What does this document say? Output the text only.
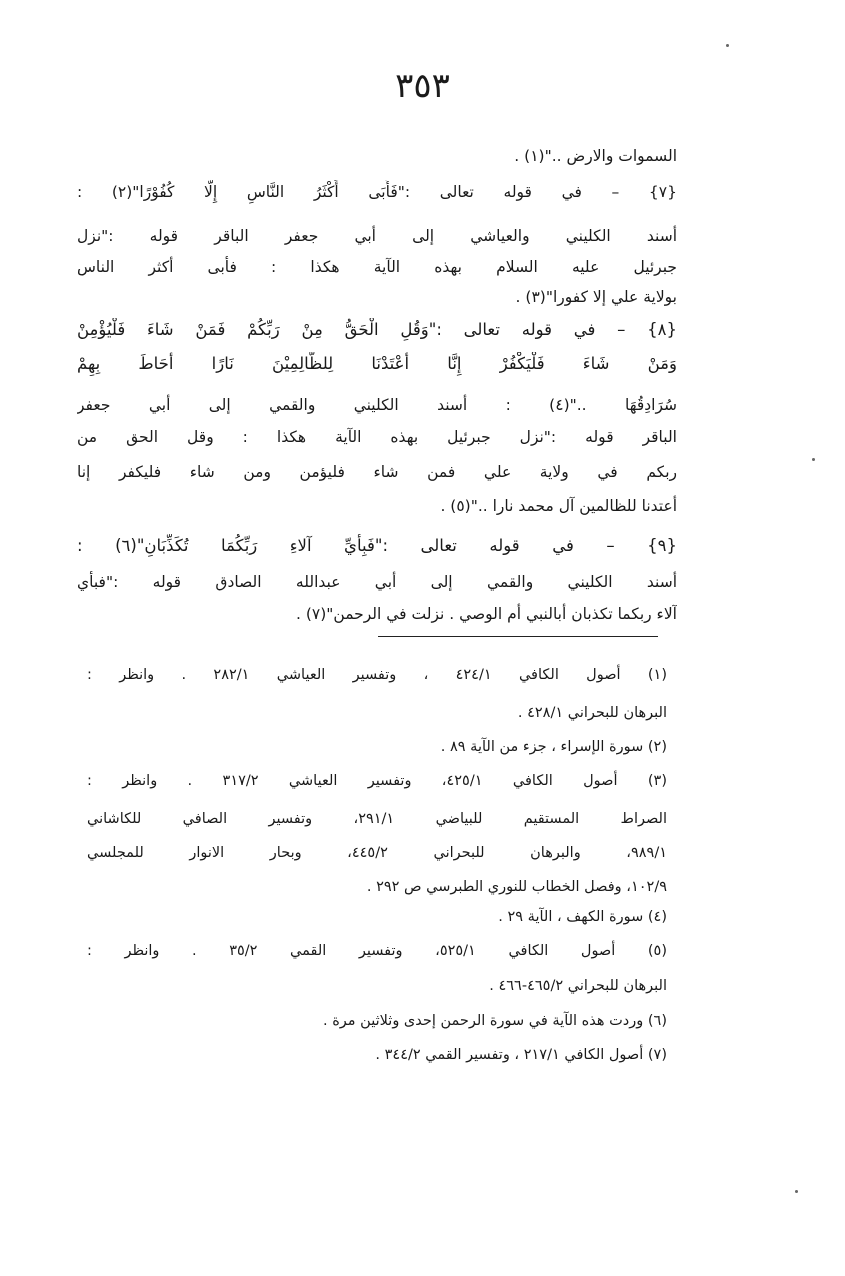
٣٥٣
السموات والارض .."(١) .
{٧} – في قوله تعالى :"فَأَبَى أَكْثَرُ النَّاسِ إِلَّا كُفُوْرًا"(٢) :
أسند الكليني والعياشي إلى أبي جعفر الباقر قوله :"نزل
جبرئيل عليه السلام بهذه الآية هكذا : فأبى أكثر الناس
بولاية علي إلا كفورا"(٣) .
{٨} – في قوله تعالى :"وَقُلِ الْحَقُّ مِنْ رَبِّكُمْ فَمَنْ شَاءَ فَلْيُؤْمِنْ
وَمَنْ شَاءَ فَلْيَكْفُرْ إِنَّا أَعْتَدْنَا لِلظَّالِمِيْنَ نَارًا أَحَاطَ بِهِمْ
سُرَادِقُهَا .."(٤) : أسند الكليني والقمي إلى أبي جعفر
الباقر قوله :"نزل جبرئيل بهذه الآية هكذا : وقل الحق من
ربكم في ولاية علي فمن شاء فليؤمن ومن شاء فليكفر إنا
أعتدنا للظالمين آل محمد نارا .."(٥) .
{٩} – في قوله تعالى :"فَبِأَيِّ آلاءِ رَبِّكُمَا تُكَذِّبَانِ"(٦) :
أسند الكليني والقمي إلى أبي عبدالله الصادق قوله :"فبأي
آلاء ربكما تكذبان أبالنبي أم الوصي . نزلت في الرحمن"(٧) .
(١) أصول الكافي ٤٢٤/١ ، وتفسير العياشي ٢٨٢/١ . وانظر :
البرهان للبحراني ٤٢٨/١ .
(٢) سورة الإسراء ، جزء من الآية ٨٩ .
(٣) أصول الكافي ٤٢٥/١، وتفسير العياشي ٣١٧/٢ . وانظر :
الصراط المستقيم للبياضي ٢٩١/١، وتفسير الصافي للكاشاني
٩٨٩/١، والبرهان للبحراني ٤٤٥/٢، وبحار الانوار للمجلسي
١٠٢/٩، وفصل الخطاب للنوري الطبرسي ص ٢٩٢ .
(٤) سورة الكهف ، الآية ٢٩ .
(٥) أصول الكافي ٥٢٥/١، وتفسير القمي ٣٥/٢ . وانظر :
البرهان للبحراني ٤٦٥/٢-٤٦٦ .
(٦) وردت هذه الآية في سورة الرحمن إحدى وثلاثين مرة .
(٧) أصول الكافي ٢١٧/١ ، وتفسير القمي ٣٤٤/٢ .
